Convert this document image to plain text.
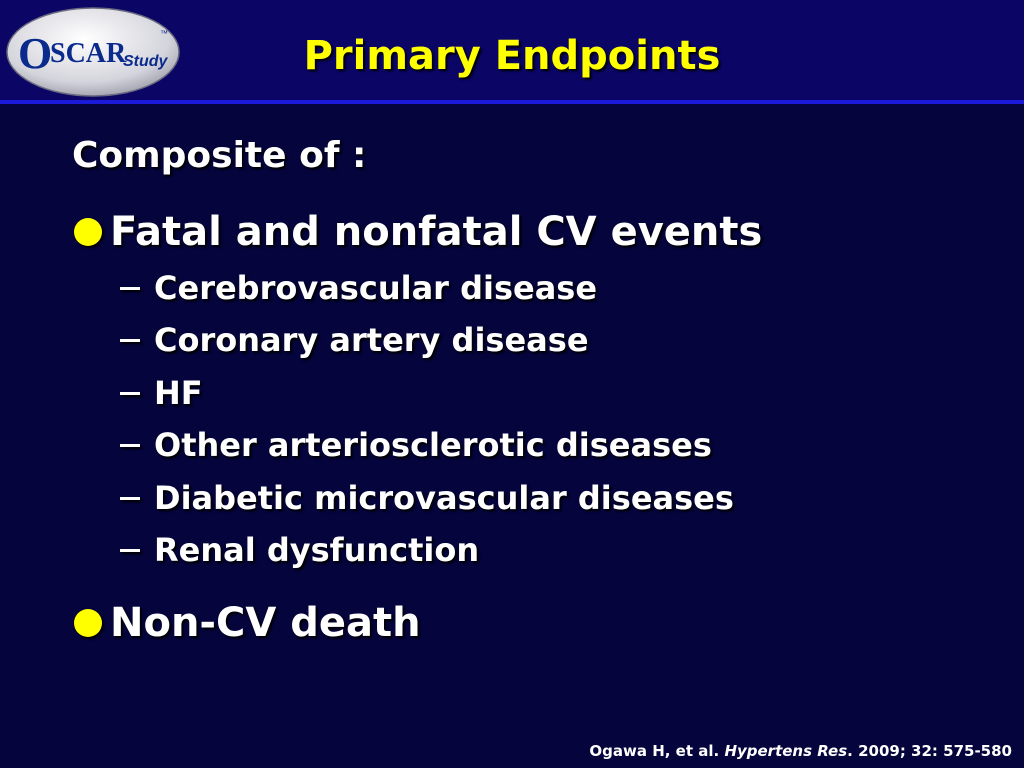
O
SCAR
Study
™	Primary Endpoints
Composite of :
Fatal and nonfatal CV events
Cerebrovascular disease
Coronary artery disease
HF
Other arteriosclerotic diseases
Diabetic microvascular diseases
Renal dysfunction
Non-CV death
Ogawa H, et al. Hypertens Res. 2009; 32: 575-580
